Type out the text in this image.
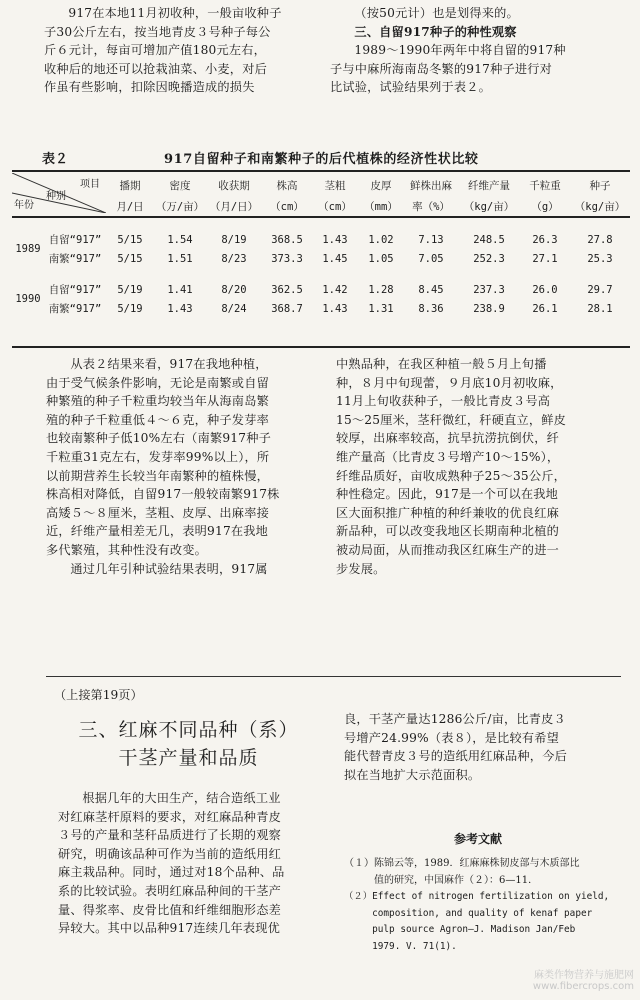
917在本地11月初收种，一般亩收种子
子30公斤左右，按当地青皮３号种子每公
斤６元计，每亩可增加产值180元左右，
收种后的地还可以抢栽油菜、小麦，对后
作虽有些影响，扣除因晚播造成的损失
（按50元计）也是划得来的。
三、自留917种子的种性观察
1989～1990年两年中将自留的917种
子与中麻所海南岛冬繁的917种子进行对
比试验，试验结果列于表２。
表２	917自留种子和南繁种子的后代植株的经济性状比较
项目
种别
年份		播期	密度	收获期	株高	茎粗	皮厚	鲜株出麻	纤维产量	千粒重	种子
		月/日	（万/亩）	（月/日）	（cm）	（cm）	（mm）	率（%）	（kg/亩）	（g）	（kg/亩）

1989	自留“917”	5/15	1.54	8/19	368.5	1.43	1.02	7.13	248.5	26.3	27.8
	南繁“917”	5/15	1.51	8/23	373.3	1.45	1.05	7.05	252.3	27.1	25.3

1990	自留“917”	5/19	1.41	8/20	362.5	1.42	1.28	8.45	237.3	26.0	29.7
	南繁“917”	5/19	1.43	8/24	368.7	1.43	1.31	8.36	238.9	26.1	28.1
从表２结果来看，917在我地种植，
由于受气候条件影响，无论是南繁或自留
种繁殖的种子千粒重均较当年从海南岛繁
殖的种子千粒重低４～６克，种子发芽率
也较南繁种子低10%左右（南繁917种子
千粒重31克左右，发芽率99%以上），所
以前期营养生长较当年南繁种的植株慢，
株高相对降低，自留917一般较南繁917株
高矮５～８厘米，茎粗、皮厚、出麻率接
近，纤维产量相差无几，表明917在我地
多代繁殖，其种性没有改变。
通过几年引种试验结果表明，917属
中熟品种，在我区种植一般５月上旬播
种，８月中旬现蕾，９月底10月初收麻，
11月上旬收获种子，一般比青皮３号高
15～25厘米，茎秆微红，秆硬直立，鲜皮
较厚，出麻率较高，抗旱抗涝抗倒伏，纤
维产量高（比青皮３号增产10～15%），
纤维品质好，亩收成熟种子25～35公斤，
种性稳定。因此，917是一个可以在我地
区大面积推广种植的种纤兼收的优良红麻
新品种，可以改变我地区长期南种北植的
被动局面，从而推动我区红麻生产的进一
步发展。
（上接第19页）
三、红麻不同品种（系）
干茎产量和品质
根据几年的大田生产，结合造纸工业
对红麻茎杆原料的要求，对红麻品种青皮
３号的产量和茎秆品质进行了长期的观察
研究，明确该品种可作为当前的造纸用红
麻主栽品种。同时，通过对18个品种、品
系的比较试验。表明红麻品种间的干茎产
量、得浆率、皮骨比值和纤维细胞形态差
异较大。其中以品种917连续几年表现优
良，干茎产量达1286公斤/亩，比青皮３
号增产24.99%（表８），是比较有希望
能代替青皮３号的造纸用红麻品种，今后
拟在当地扩大示范面积。
参考文献
（１）陈锦云等，1989．红麻麻株韧皮部与木质部比
　　　值的研究，中国麻作（２）：6—11．
（２）Effect of nitrogen fertilization on yield,
　　　composition, and quality of kenaf paper
　　　pulp source Agron—J. Madison Jan/Feb
　　　1979. V. 71(1).
麻类作物营养与施肥网
www.fibercrops.com
